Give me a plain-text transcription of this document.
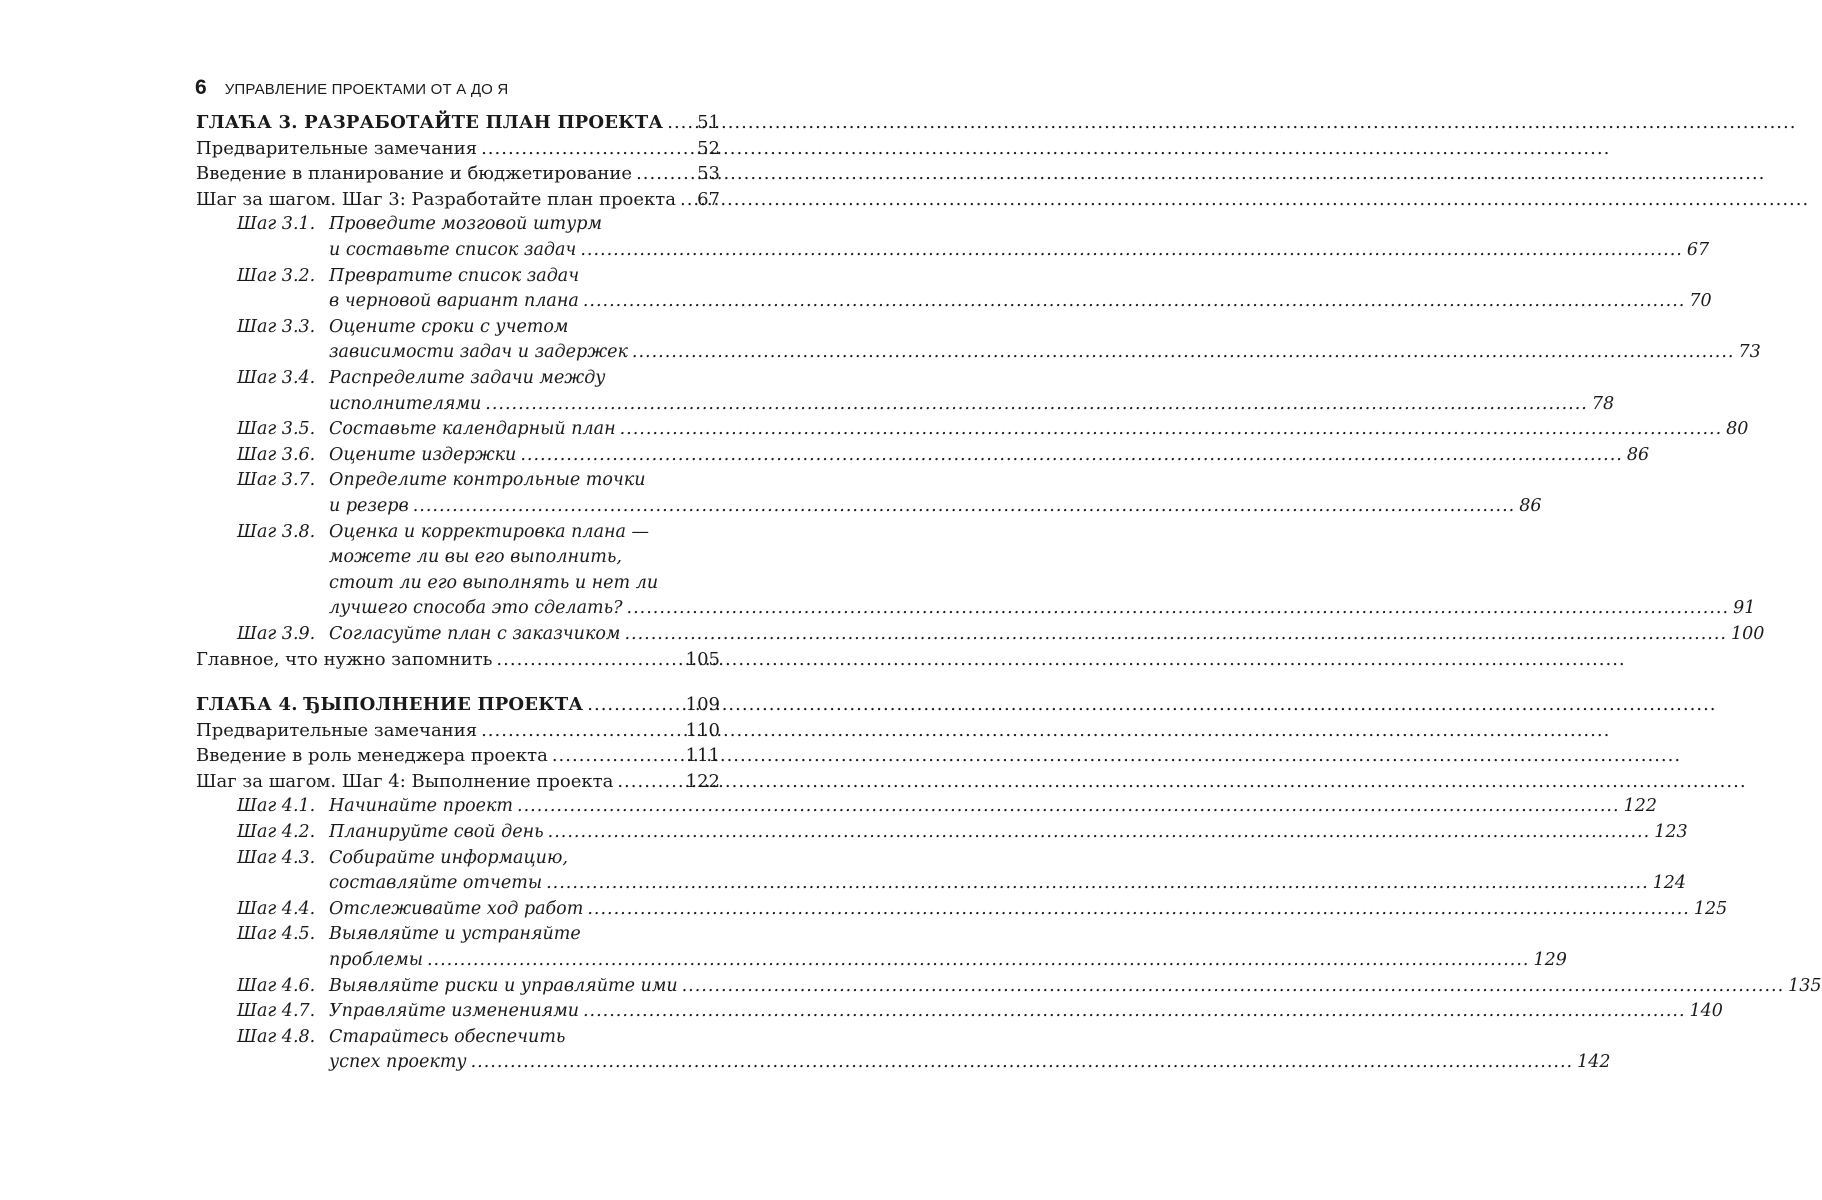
6 УПРАВЛЕНИЕ ПРОЕКТАМИ ОТ А ДО Я
ГЛАЋА 3. РАЗРАБОТАЙТЕ ПЛАН ПРОЕКТА ..... 51
Предварительные замечания .....	52
Введение в планирование и бюджетирование .....	53
Шаг за шагом. Шаг 3: Разработайте план проекта ..... 67
Шаг 3.1. Проведите мозговой штурм
и составьте список задач .....	67
Шаг 3.2. Превратите список задач
в черновой вариант плана .....	70
Шаг 3.3. Оцените сроки с учетом
зависимости задач и задержек .....	73
Шаг 3.4. Распределите задачи между
исполнителями .....	78
Шаг 3.5. Составьте календарный план .....	80
Шаг 3.6. Оцените издержки .....	86
Шаг 3.7. Определите контрольные точки
и резерв .....	86
Шаг 3.8. Оценка и корректировка плана —
можете ли вы его выполнить,
стоит ли его выполнять и нет ли
лучшего способа это сделать? .....	91
Шаг 3.9. Согласуйте план с заказчиком .....	100
Главное, что нужно запомнить .....	105
ГЛАЋА 4. ЂЫПОЛНЕНИЕ ПРОЕКТА .....	109
Предварительные замечания .....	110
Введение в роль менеджера проекта .....	111
Шаг за шагом. Шаг 4: Выполнение проекта .....	122
Шаг 4.1. Начинайте проект .....	122
Шаг 4.2. Планируйте свой день .....	123
Шаг 4.3. Собирайте информацию,
составляйте отчеты .....	124
Шаг 4.4. Отслеживайте ход работ .....	125
Шаг 4.5. Выявляйте и устраняйте
проблемы .....	129
Шаг 4.6. Выявляйте риски и управляйте ими .....	135
Шаг 4.7. Управляйте изменениями .....	140
Шаг 4.8. Старайтесь обеспечить
успех проекту .....	142
